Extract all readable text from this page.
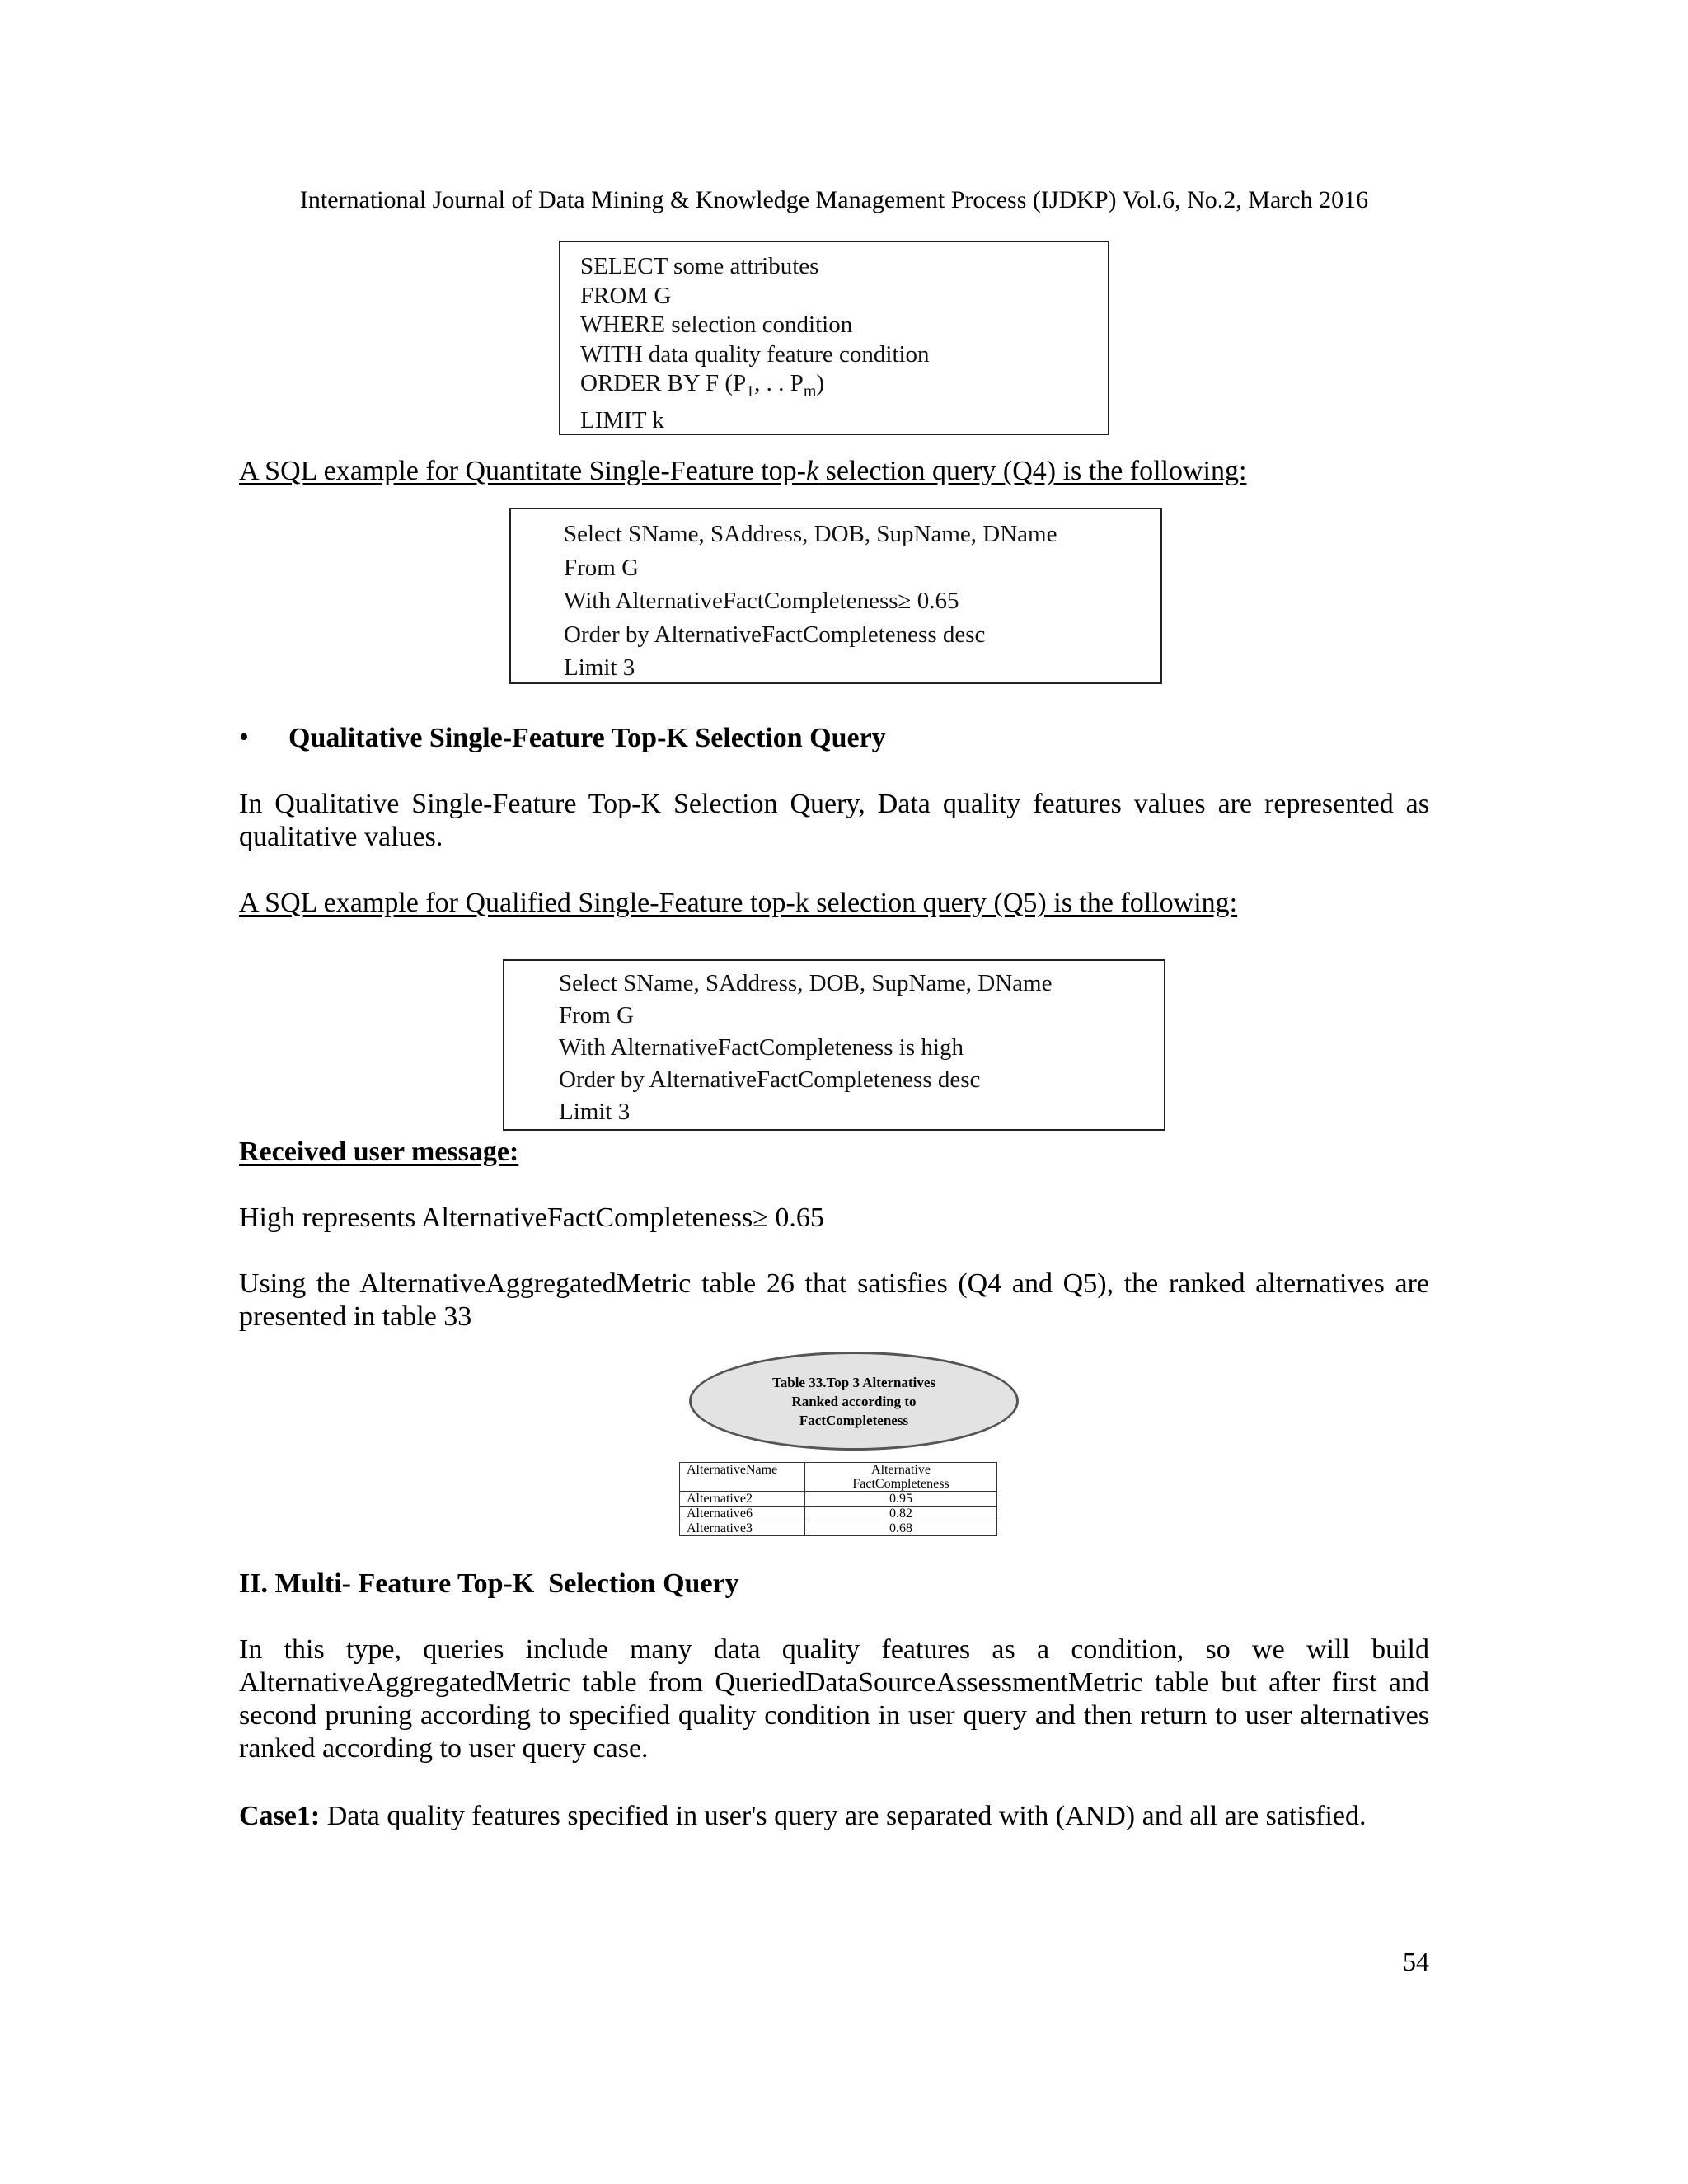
International Journal of Data Mining & Knowledge Management Process (IJDKP) Vol.6, No.2, March 2016
SELECT some attributes
FROM G
WHERE selection condition
WITH data quality feature condition
ORDER BY F ($P_1$, . . $P_m$)
LIMIT k
A SQL example for Quantitate Single-Feature top-k selection query (Q4) is the following:
Select SName, SAddress, DOB, SupName, DName
From G
With AlternativeFactCompleteness≥ 0.65
Order by AlternativeFactCompleteness desc
Limit 3
• Qualitative Single-Feature Top-K Selection Query
In Qualitative Single-Feature Top-K Selection Query, Data quality features values are represented as qualitative values.
A SQL example for Qualified Single-Feature top-k selection query (Q5) is the following:
Select SName, SAddress, DOB, SupName, DName
From G
With AlternativeFactCompleteness is high
Order by AlternativeFactCompleteness desc
Limit 3
Received user message:
High represents AlternativeFactCompleteness≥ 0.65
Using the AlternativeAggregatedMetric table 26 that satisfies (Q4 and Q5), the ranked alternatives are presented in table 33
Table 33.Top 3 Alternatives
Ranked according to
FactCompleteness
AlternativeName	Alternative
FactCompleteness
Alternative2	0.95
Alternative6	0.82
Alternative3	0.68
II. Multi- Feature Top-K  Selection Query
In this type, queries include many data quality features as a condition, so we will build AlternativeAggregatedMetric table from QueriedDataSourceAssessmentMetric table but after first and second pruning according to specified quality condition in user query and then return to user alternatives ranked according to user query case.
Case1: Data quality features specified in user's query are separated with (AND) and all are satisfied.
54
